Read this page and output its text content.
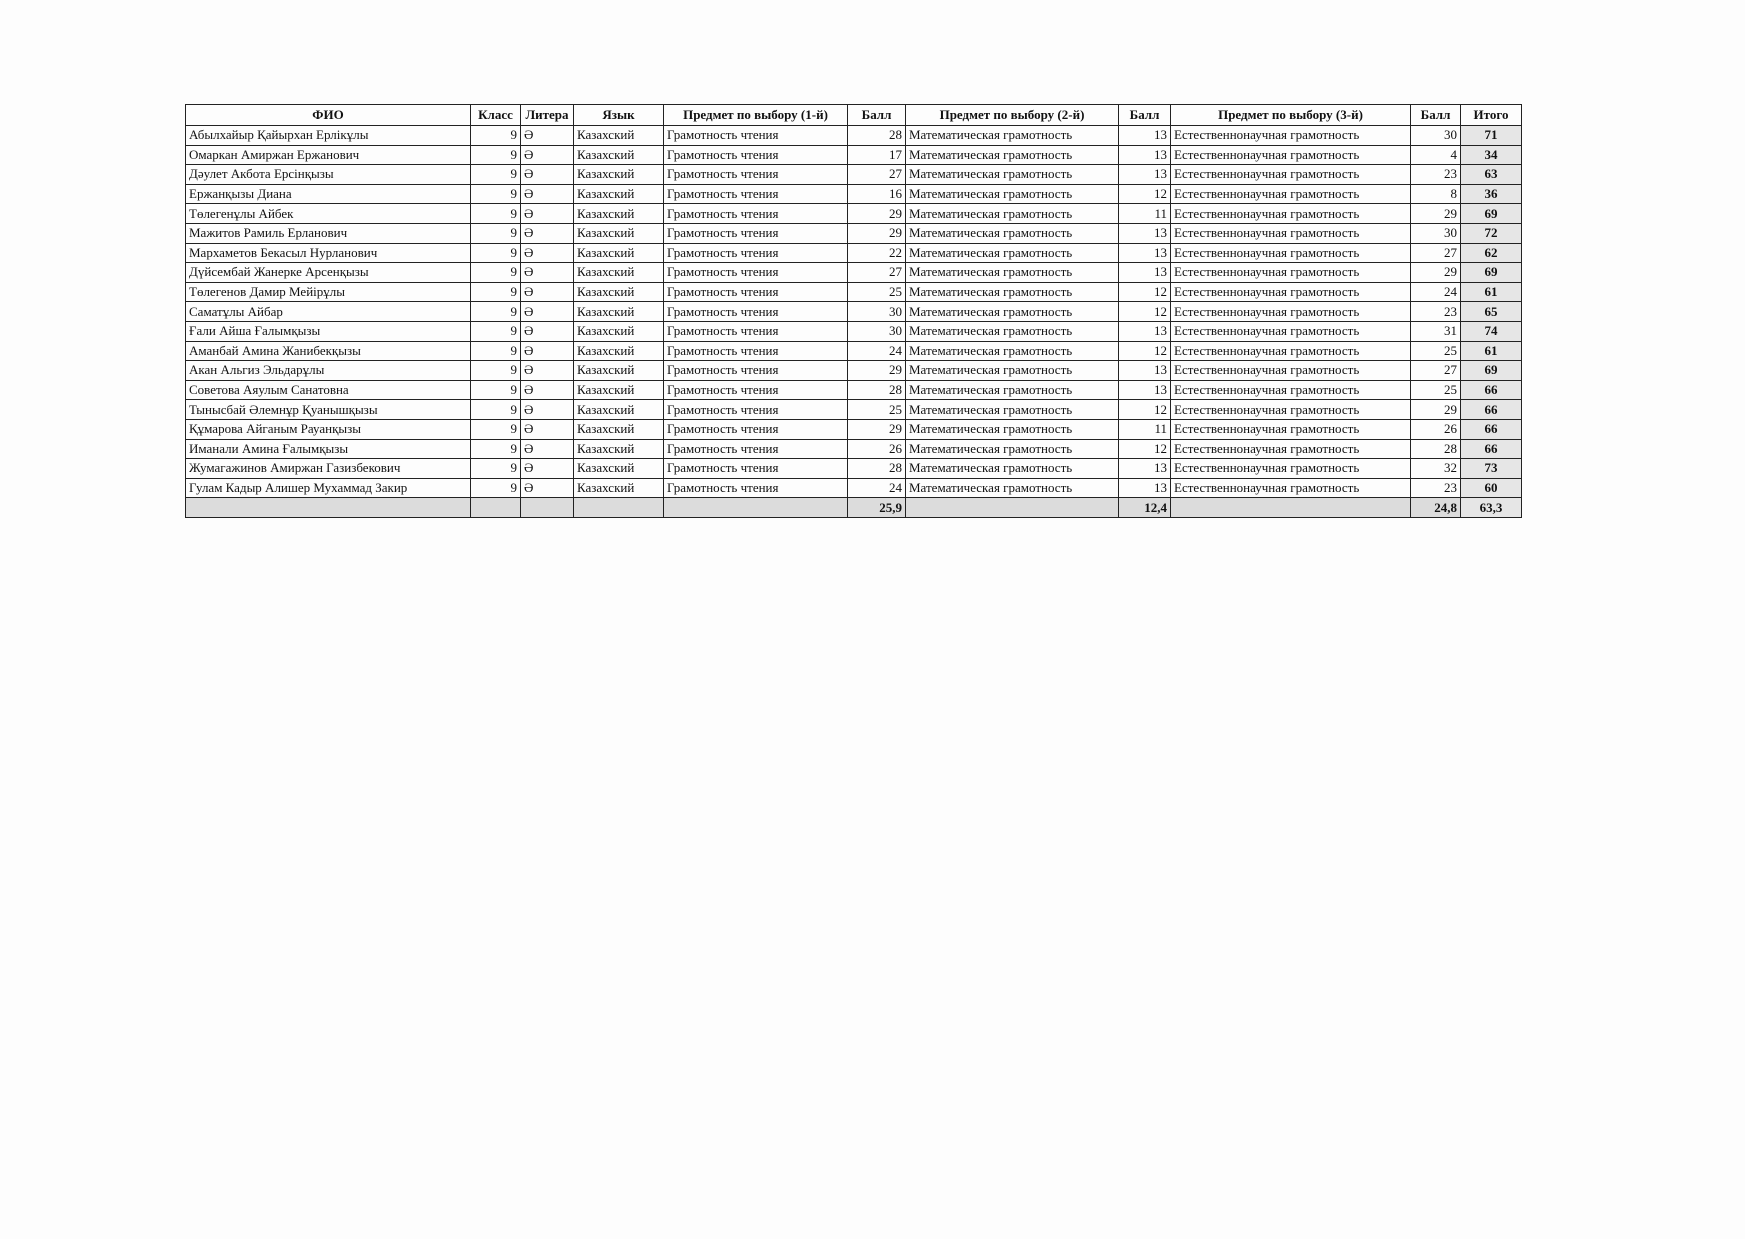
ФИО	Класс	Литера	Язык	Предмет по выбору (1-й)	Балл	Предмет по выбору (2-й)	Балл	Предмет по выбору (3-й)	Балл	Итого
Абылхайыр Қайырхан Ерлікұлы	9	Ә	Казахский	Грамотность чтения	28	Математическая грамотность	13	Естественнонаучная грамотность	30	71
Омаркан Амиржан Ержанович	9	Ә	Казахский	Грамотность чтения	17	Математическая грамотность	13	Естественнонаучная грамотность	4	34
Дәулет Акбота Ерсінқызы	9	Ә	Казахский	Грамотность чтения	27	Математическая грамотность	13	Естественнонаучная грамотность	23	63
Ержанқызы Диана	9	Ә	Казахский	Грамотность чтения	16	Математическая грамотность	12	Естественнонаучная грамотность	8	36
Төлегенұлы Айбек	9	Ә	Казахский	Грамотность чтения	29	Математическая грамотность	11	Естественнонаучная грамотность	29	69
Мажитов Рамиль Ерланович	9	Ә	Казахский	Грамотность чтения	29	Математическая грамотность	13	Естественнонаучная грамотность	30	72
Мархаметов Бекасыл Нурланович	9	Ә	Казахский	Грамотность чтения	22	Математическая грамотность	13	Естественнонаучная грамотность	27	62
Дүйсембай Жанерке Арсенқызы	9	Ә	Казахский	Грамотность чтения	27	Математическая грамотность	13	Естественнонаучная грамотность	29	69
Төлегенов Дамир Мейірұлы	9	Ә	Казахский	Грамотность чтения	25	Математическая грамотность	12	Естественнонаучная грамотность	24	61
Саматұлы Айбар	9	Ә	Казахский	Грамотность чтения	30	Математическая грамотность	12	Естественнонаучная грамотность	23	65
Ғали Айша Ғалымқызы	9	Ә	Казахский	Грамотность чтения	30	Математическая грамотность	13	Естественнонаучная грамотность	31	74
Аманбай Амина Жанибекқызы	9	Ә	Казахский	Грамотность чтения	24	Математическая грамотность	12	Естественнонаучная грамотность	25	61
Акан Альгиз Эльдарұлы	9	Ә	Казахский	Грамотность чтения	29	Математическая грамотность	13	Естественнонаучная грамотность	27	69
Советова Аяулым Санатовна	9	Ә	Казахский	Грамотность чтения	28	Математическая грамотность	13	Естественнонаучная грамотность	25	66
Тыныcбай Әлемнұр Қуанышқызы	9	Ә	Казахский	Грамотность чтения	25	Математическая грамотность	12	Естественнонаучная грамотность	29	66
Құмарова Айганым Рауанқызы	9	Ә	Казахский	Грамотность чтения	29	Математическая грамотность	11	Естественнонаучная грамотность	26	66
Иманали Амина Ғалымқызы	9	Ә	Казахский	Грамотность чтения	26	Математическая грамотность	12	Естественнонаучная грамотность	28	66
Жумагажинов Амиржан Газизбекович	9	Ә	Казахский	Грамотность чтения	28	Математическая грамотность	13	Естественнонаучная грамотность	32	73
Гулам Кадыр Алишер Мухаммад Закир	9	Ә	Казахский	Грамотность чтения	24	Математическая грамотность	13	Естественнонаучная грамотность	23	60
					25,9		12,4		24,8	63,3
